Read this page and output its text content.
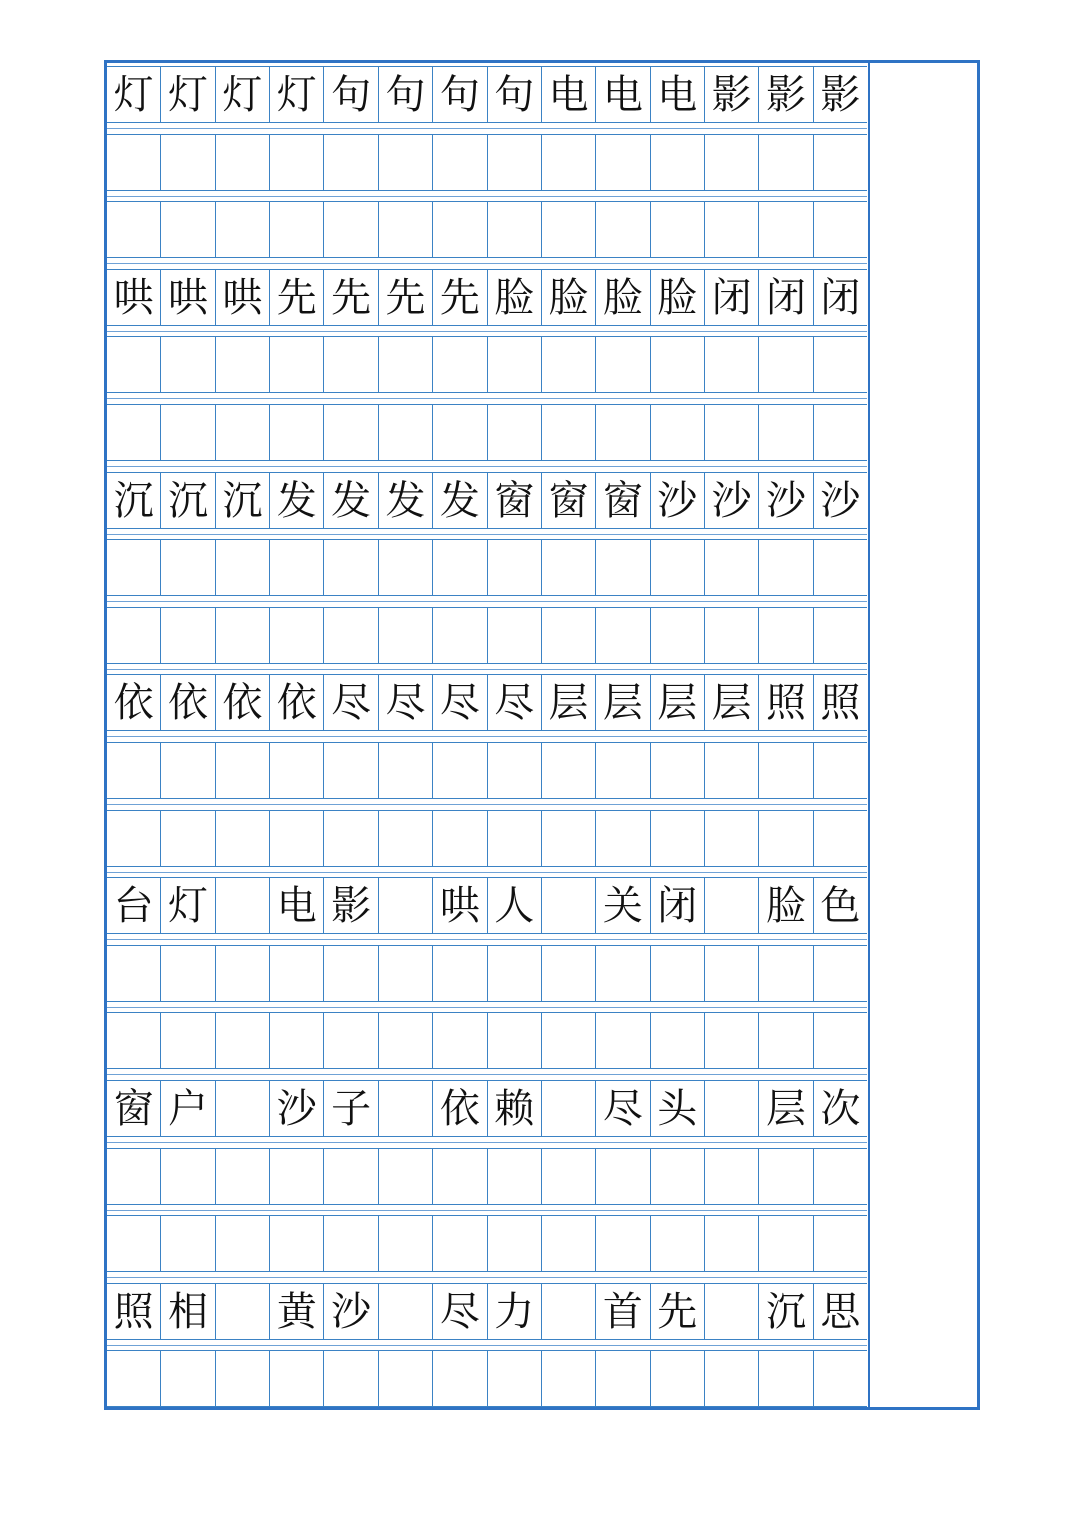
灯 灯 灯 灯 句 句 句 句 电 电 电 影 影 影
哄 哄 哄 先 先 先 先 脸 脸 脸 脸 闭 闭 闭
沉 沉 沉 发 发 发 发 窗 窗 窗 沙 沙 沙 沙
依 依 依 依 尽 尽 尽 尽 层 层 层 层 照 照
台 灯 电 影 哄 人 关 闭 脸 色
窗 户 沙 子 依 赖 尽 头 层 次
照 相 黄 沙 尽 力 首 先 沉 思
